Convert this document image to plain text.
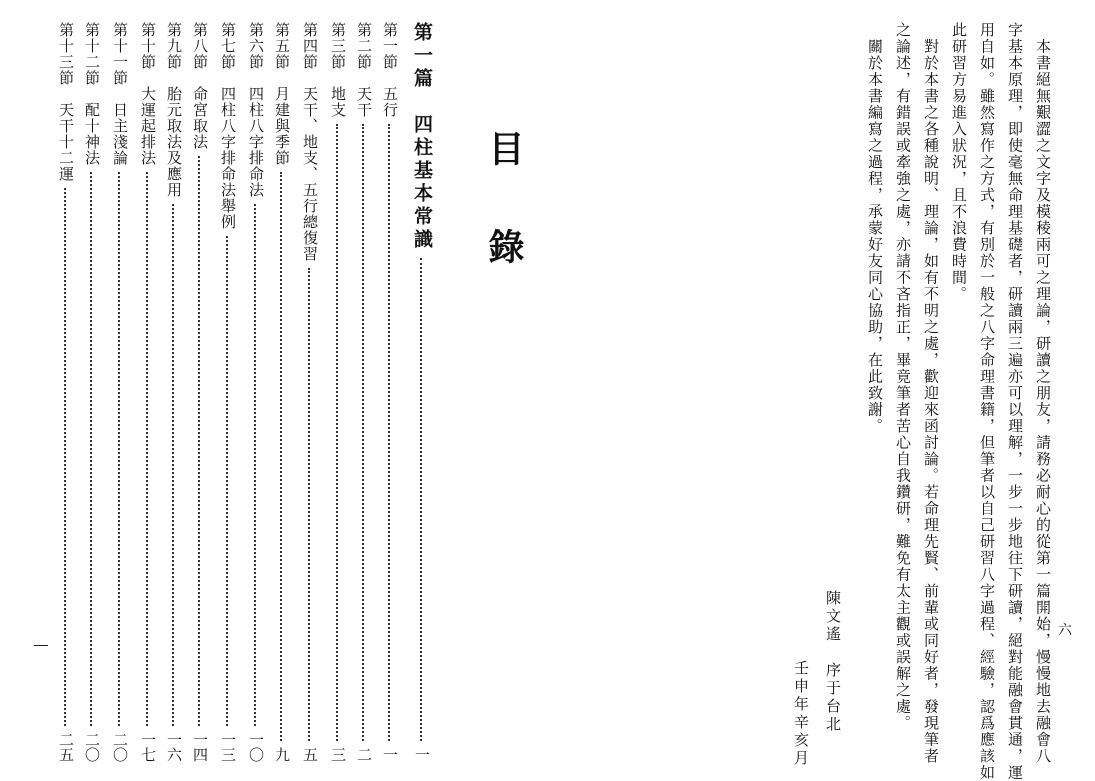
目
錄
第一篇　四柱基本常識
一
第一節　五行
一
第二節　天干
二
第三節　地支
三
第四節　天干、地支、五行總復習
五
第五節　月建與季節
九
第六節　四柱八字排命法
一〇
第七節　四柱八字排命法舉例
一三
第八節　命宮取法
一四
第九節　胎元取法及應用
一六
第十節　大運起排法
一七
第十一節　日主淺論
二〇
第十二節　配十神法
二〇
第十三節　天干十二運
二五
六
　本書絕無艱澀之文字及模稜兩可之理論，研讀之朋友，請務必耐心的從第一篇開始，慢慢地去融會八
字基本原理，即使毫無命理基礎者，研讀兩三遍亦可以理解，一步一步地往下研讀，絕對能融會貫通，運
用自如。雖然寫作之方式，有別於一般之八字命理書籍，但筆者以自己研習八字過程、經驗，認爲應該如
此研習方易進入狀況，且不浪費時間。
　對於本書之各種說明、理論，如有不明之處，歡迎來函討論。若命理先賢、前輩或同好者，發現筆者
之論述，有錯誤或牽強之處，亦請不吝指正，畢竟筆者苦心自我鑽研，難免有太主觀或誤解之處。
　關於本書編寫之過程，承蒙好友同心協助，在此致謝。
陳文遙　序于台北
壬申年辛亥月
